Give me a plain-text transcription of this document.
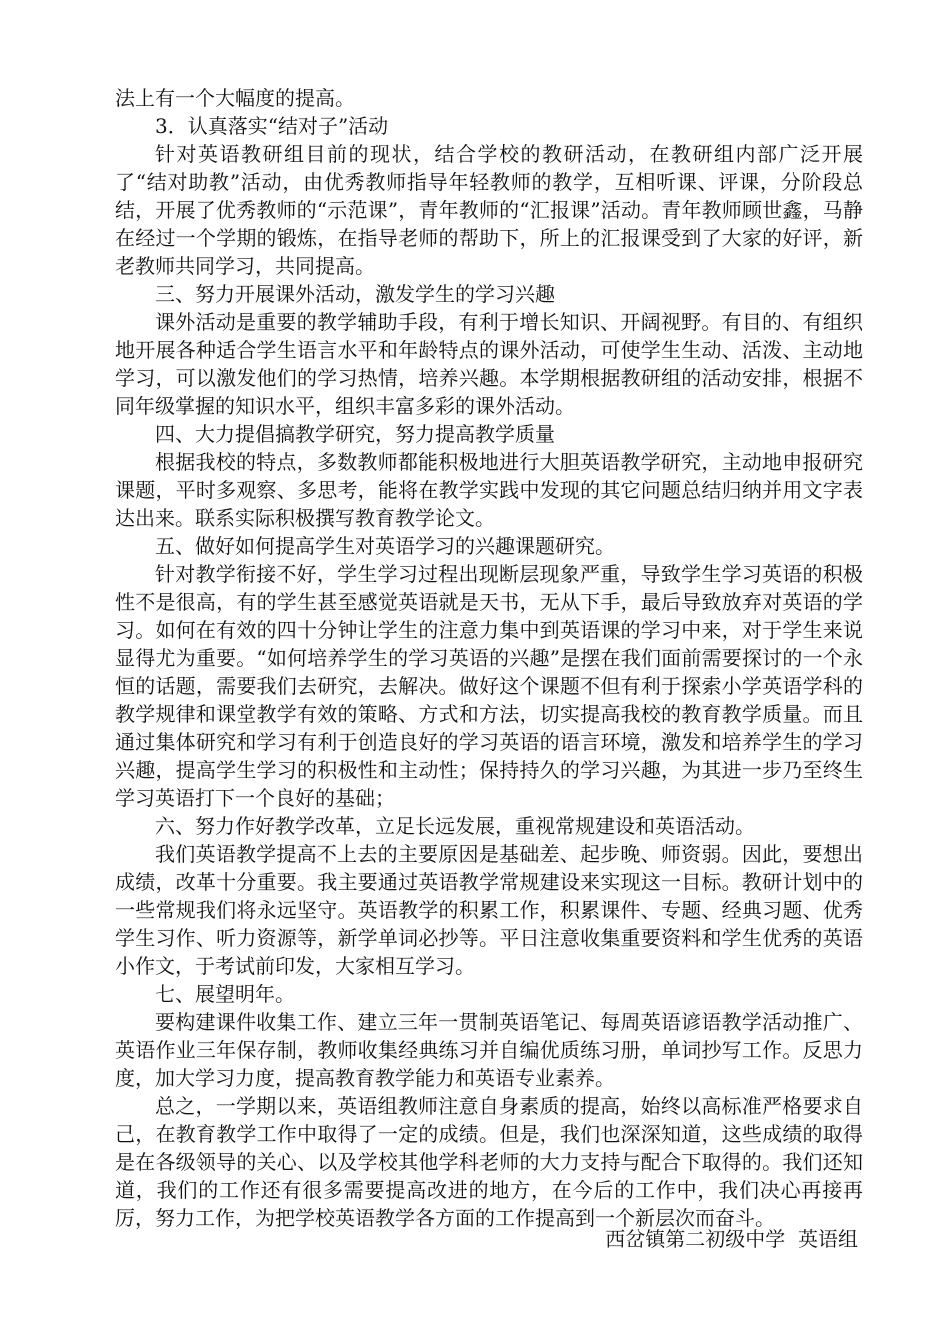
法上有一个大幅度的提高。

3．认真落实“结对子”活动

针对英语教研组目前的现状，结合学校的教研活动，在教研组内部广泛开展了“结对助教”活动，由优秀教师指导年轻教师的教学，互相听课、评课，分阶段总结，开展了优秀教师的“示范课”，青年教师的“汇报课”活动。青年教师顾世鑫，马静在经过一个学期的锻炼，在指导老师的帮助下，所上的汇报课受到了大家的好评，新老教师共同学习，共同提高。

三、努力开展课外活动，激发学生的学习兴趣

课外活动是重要的教学辅助手段，有利于增长知识、开阔视野。有目的、有组织地开展各种适合学生语言水平和年龄特点的课外活动，可使学生生动、活泼、主动地学习，可以激发他们的学习热情，培养兴趣。本学期根据教研组的活动安排，根据不同年级掌握的知识水平，组织丰富多彩的课外活动。

四、大力提倡搞教学研究，努力提高教学质量

根据我校的特点，多数教师都能积极地进行大胆英语教学研究，主动地申报研究课题，平时多观察、多思考，能将在教学实践中发现的其它问题总结归纳并用文字表达出来。联系实际积极撰写教育教学论文。

五、做好如何提高学生对英语学习的兴趣课题研究。

针对教学衔接不好，学生学习过程出现断层现象严重，导致学生学习英语的积极性不是很高，有的学生甚至感觉英语就是天书，无从下手，最后导致放弃对英语的学习。如何在有效的四十分钟让学生的注意力集中到英语课的学习中来，对于学生来说显得尤为重要。“如何培养学生的学习英语的兴趣”是摆在我们面前需要探讨的一个永恒的话题，需要我们去研究，去解决。做好这个课题不但有利于探索小学英语学科的教学规律和课堂教学有效的策略、方式和方法，切实提高我校的教育教学质量。而且通过集体研究和学习有利于创造良好的学习英语的语言环境，激发和培养学生的学习兴趣，提高学生学习的积极性和主动性；保持持久的学习兴趣，为其进一步乃至终生学习英语打下一个良好的基础；

六、努力作好教学改革，立足长远发展，重视常规建设和英语活动。

我们英语教学提高不上去的主要原因是基础差、起步晚、师资弱。因此，要想出成绩，改革十分重要。我主要通过英语教学常规建设来实现这一目标。教研计划中的一些常规我们将永远坚守。英语教学的积累工作，积累课件、专题、经典习题、优秀学生习作、听力资源等，新学单词必抄等。平日注意收集重要资料和学生优秀的英语小作文，于考试前印发，大家相互学习。

七、展望明年。

要构建课件收集工作、建立三年一贯制英语笔记、每周英语谚语教学活动推广、英语作业三年保存制，教师收集经典练习并自编优质练习册，单词抄写工作。反思力度，加大学习力度，提高教育教学能力和英语专业素养。

总之，一学期以来，英语组教师注意自身素质的提高，始终以高标准严格要求自己，在教育教学工作中取得了一定的成绩。但是，我们也深深知道，这些成绩的取得是在各级领导的关心、以及学校其他学科老师的大力支持与配合下取得的。我们还知道，我们的工作还有很多需要提高改进的地方，在今后的工作中，我们决心再接再厉，努力工作，为把学校英语教学各方面的工作提高到一个新层次而奋斗。

西岔镇第二初级中学  英语组
